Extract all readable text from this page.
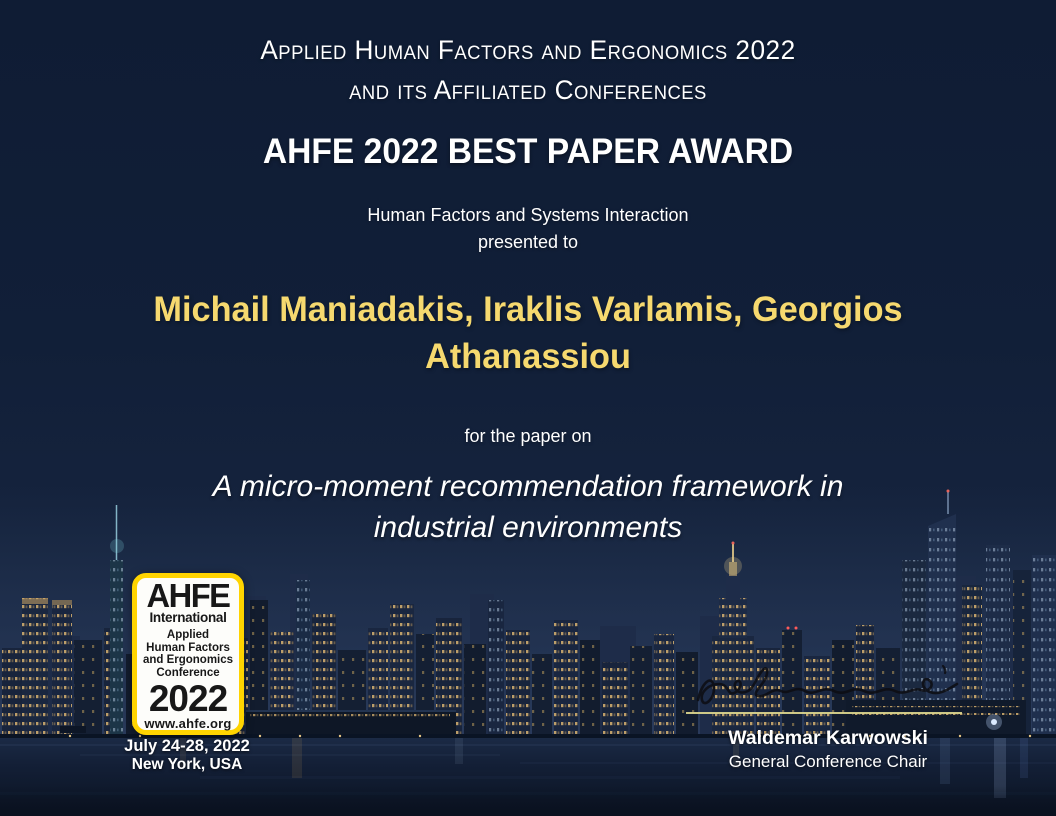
Applied Human Factors and Ergonomics 2022
and its Affiliated Conferences
AHFE 2022 BEST PAPER AWARD
Human Factors and Systems Interaction
presented to
Michail Maniadakis, Iraklis Varlamis, Georgios Athanassiou
for the paper on
A micro-moment recommendation framework in industrial environments
AHFE
International
Applied
Human Factors
and Ergonomics
Conference
2022
www.ahfe.org
July 24-28, 2022
New York, USA
Waldemar Karwowski
General Conference Chair
